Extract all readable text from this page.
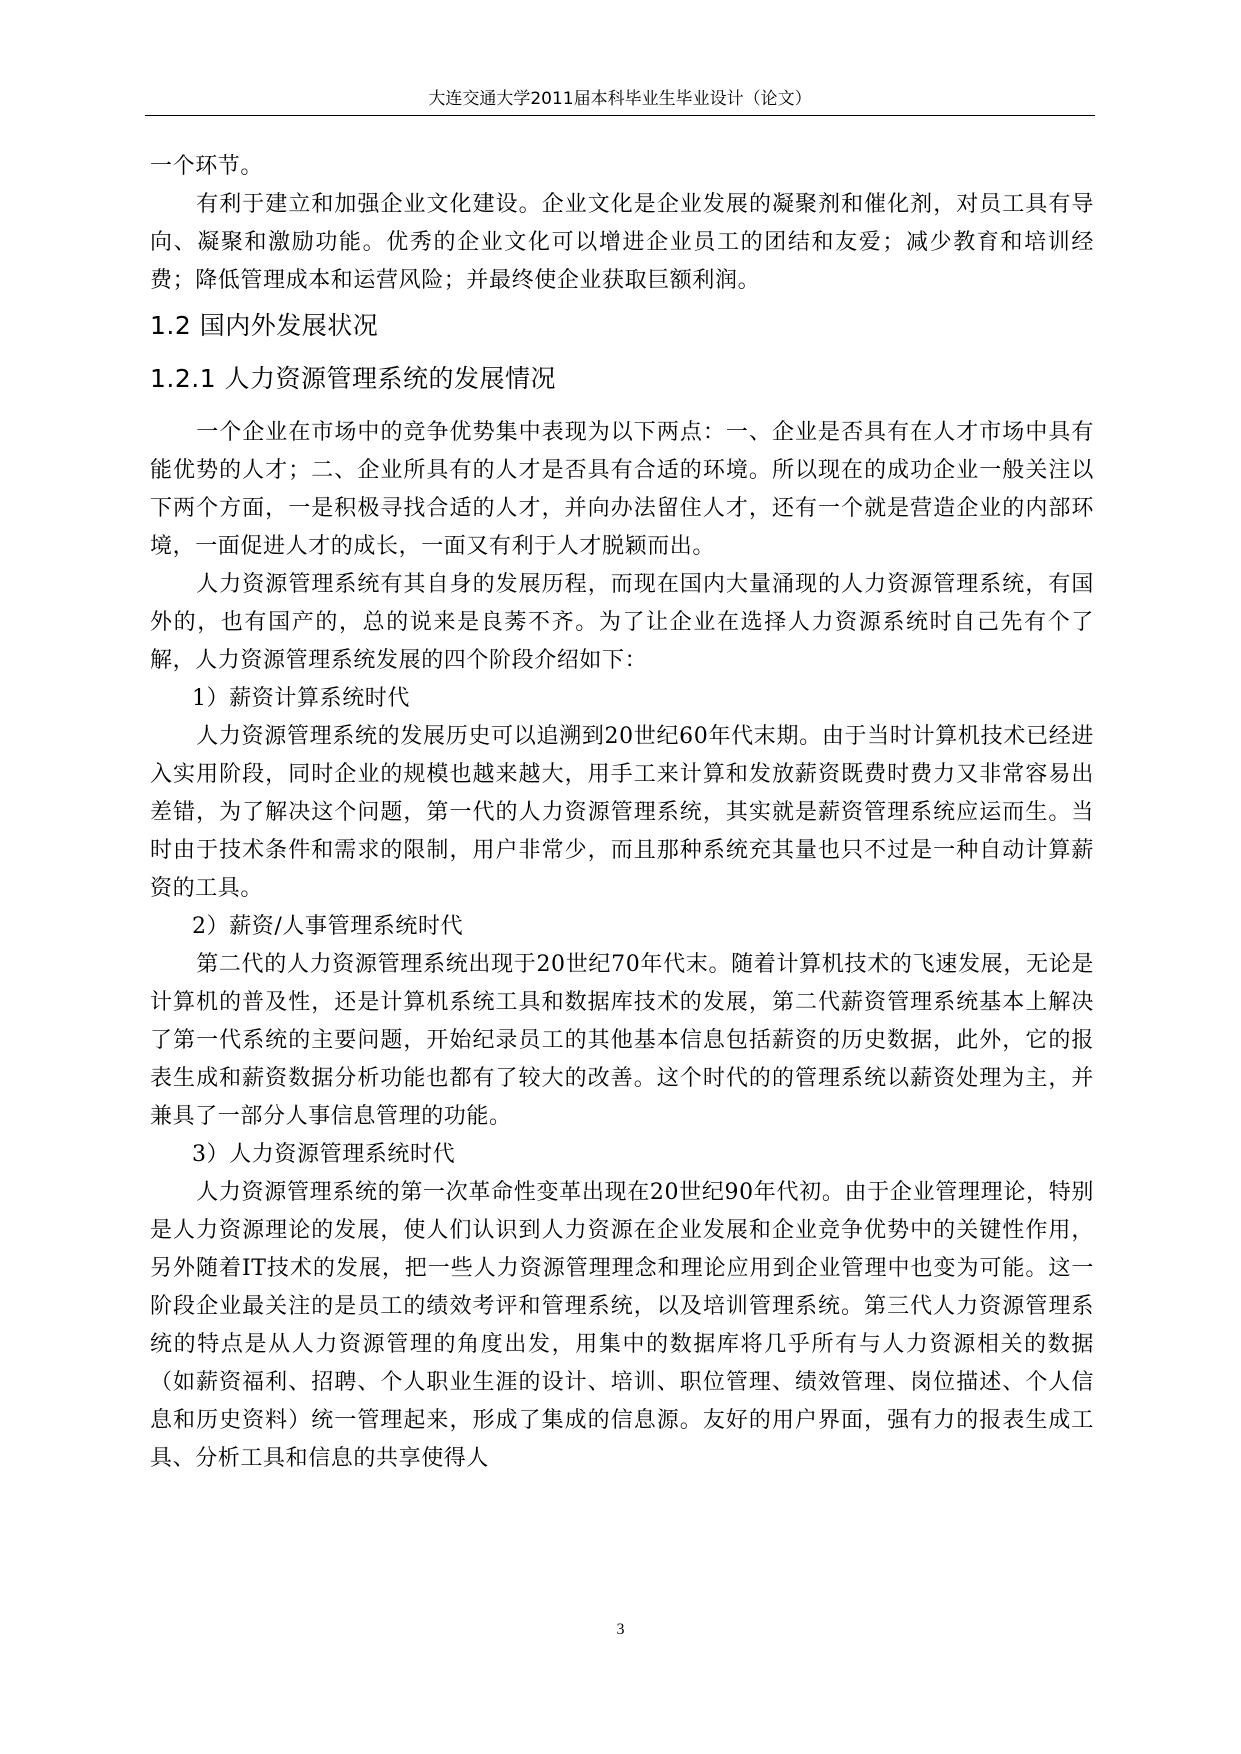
大连交通大学2011届本科毕业生毕业设计（论文）

一个环节。

有利于建立和加强企业文化建设。企业文化是企业发展的凝聚剂和催化剂，对员工具有导向、凝聚和激励功能。优秀的企业文化可以增进企业员工的团结和友爱；减少教育和培训经费；降低管理成本和运营风险；并最终使企业获取巨额利润。

1.2 国内外发展状况
1.2.1 人力资源管理系统的发展情况

一个企业在市场中的竞争优势集中表现为以下两点：一、企业是否具有在人才市场中具有能优势的人才；二、企业所具有的人才是否具有合适的环境。所以现在的成功企业一般关注以下两个方面，一是积极寻找合适的人才，并向办法留住人才，还有一个就是营造企业的内部环境，一面促进人才的成长，一面又有利于人才脱颖而出。

人力资源管理系统有其自身的发展历程，而现在国内大量涌现的人力资源管理系统，有国外的，也有国产的，总的说来是良莠不齐。为了让企业在选择人力资源系统时自己先有个了解，人力资源管理系统发展的四个阶段介绍如下：

1）薪资计算系统时代

人力资源管理系统的发展历史可以追溯到20世纪60年代末期。由于当时计算机技术已经进入实用阶段，同时企业的规模也越来越大，用手工来计算和发放薪资既费时费力又非常容易出差错，为了解决这个问题，第一代的人力资源管理系统，其实就是薪资管理系统应运而生。当时由于技术条件和需求的限制，用户非常少，而且那种系统充其量也只不过是一种自动计算薪资的工具。

2）薪资/人事管理系统时代

第二代的人力资源管理系统出现于20世纪70年代末。随着计算机技术的飞速发展，无论是计算机的普及性，还是计算机系统工具和数据库技术的发展，第二代薪资管理系统基本上解决了第一代系统的主要问题，开始纪录员工的其他基本信息包括薪资的历史数据，此外，它的报表生成和薪资数据分析功能也都有了较大的改善。这个时代的的管理系统以薪资处理为主，并兼具了一部分人事信息管理的功能。

3）人力资源管理系统时代

人力资源管理系统的第一次革命性变革出现在20世纪90年代初。由于企业管理理论，特别是人力资源理论的发展，使人们认识到人力资源在企业发展和企业竞争优势中的关键性作用，另外随着IT技术的发展，把一些人力资源管理理念和理论应用到企业管理中也变为可能。这一阶段企业最关注的是员工的绩效考评和管理系统，以及培训管理系统。第三代人力资源管理系统的特点是从人力资源管理的角度出发，用集中的数据库将几乎所有与人力资源相关的数据（如薪资福利、招聘、个人职业生涯的设计、培训、职位管理、绩效管理、岗位描述、个人信息和历史资料）统一管理起来，形成了集成的信息源。友好的用户界面，强有力的报表生成工具、分析工具和信息的共享使得人

3
